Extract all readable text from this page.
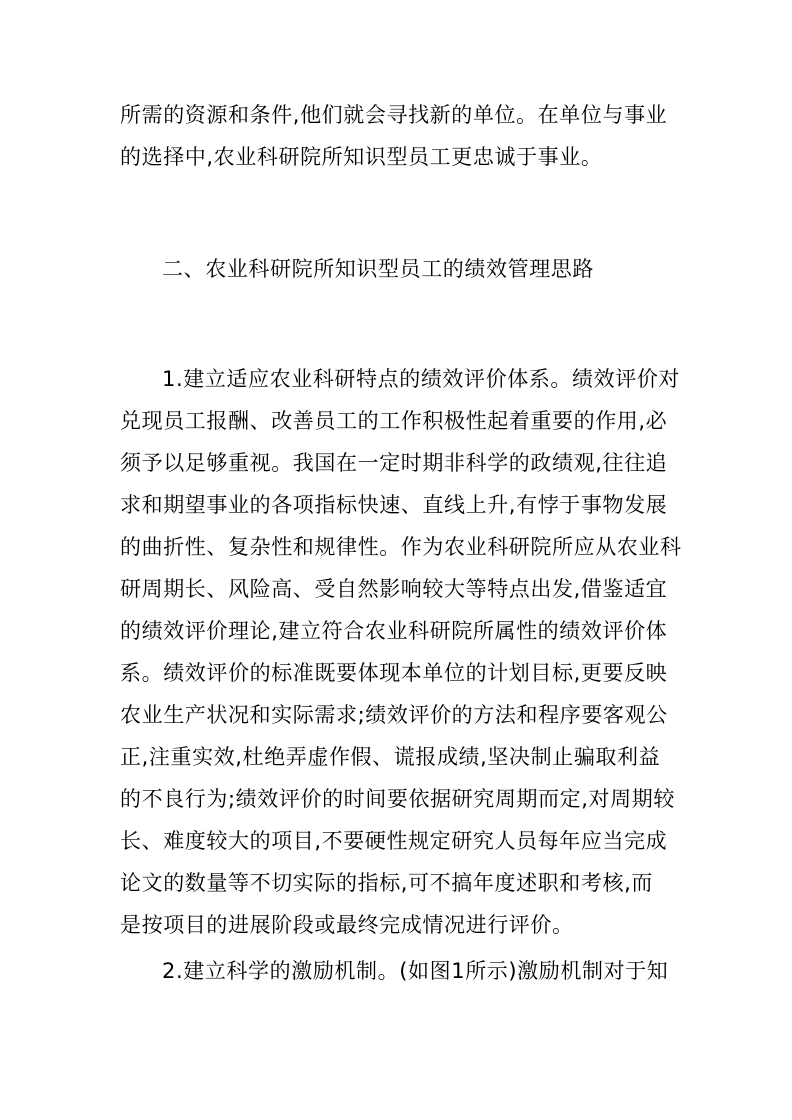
所需的资源和条件,他们就会寻找新的单位。在单位与事业
的选择中,农业科研院所知识型员工更忠诚于事业。
二、农业科研院所知识型员工的绩效管理思路
1.建立适应农业科研特点的绩效评价体系。绩效评价对
兑现员工报酬、改善员工的工作积极性起着重要的作用,必
须予以足够重视。我国在一定时期非科学的政绩观,往往追
求和期望事业的各项指标快速、直线上升,有悖于事物发展
的曲折性、复杂性和规律性。作为农业科研院所应从农业科
研周期长、风险高、受自然影响较大等特点出发,借鉴适宜
的绩效评价理论,建立符合农业科研院所属性的绩效评价体
系。绩效评价的标准既要体现本单位的计划目标,更要反映
农业生产状况和实际需求;绩效评价的方法和程序要客观公
正,注重实效,杜绝弄虚作假、谎报成绩,坚决制止骗取利益
的不良行为;绩效评价的时间要依据研究周期而定,对周期较
长、难度较大的项目,不要硬性规定研究人员每年应当完成
论文的数量等不切实际的指标,可不搞年度述职和考核,而
是按项目的进展阶段或最终完成情况进行评价。
2.建立科学的激励机制。(如图1所示)激励机制对于知
